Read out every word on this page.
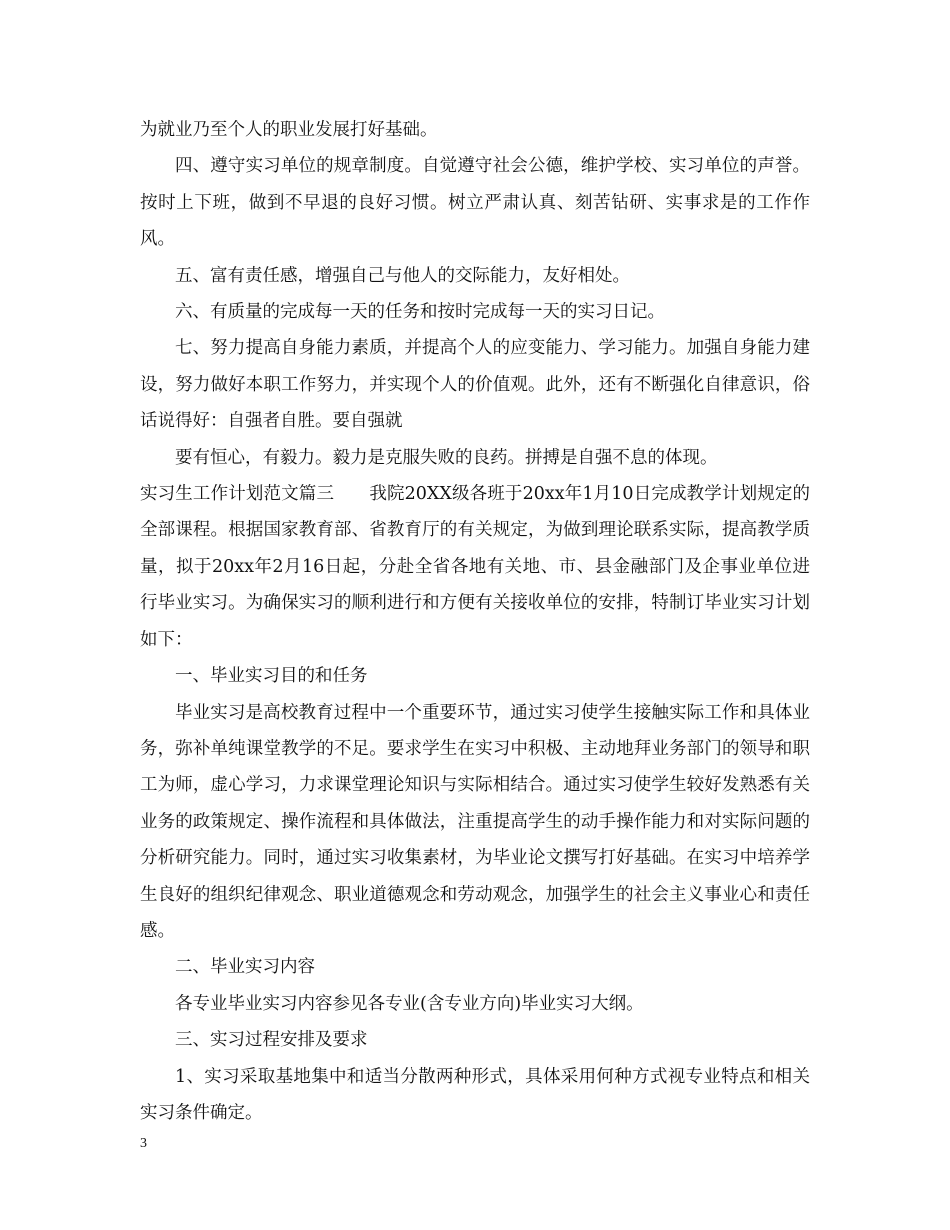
为就业乃至个人的职业发展打好基础。

四、遵守实习单位的规章制度。自觉遵守社会公德，维护学校、实习单位的声誉。按时上下班，做到不早退的良好习惯。树立严肃认真、刻苦钻研、实事求是的工作作风。

五、富有责任感，增强自己与他人的交际能力，友好相处。

六、有质量的完成每一天的任务和按时完成每一天的实习日记。

七、努力提高自身能力素质，并提高个人的应变能力、学习能力。加强自身能力建设，努力做好本职工作努力，并实现个人的价值观。此外，还有不断强化自律意识，俗话说得好：自强者自胜。要自强就

要有恒心，有毅力。毅力是克服失败的良药。拼搏是自强不息的体现。

实习生工作计划范文篇三　　我院20XX级各班于20xx年1月10日完成教学计划规定的全部课程。根据国家教育部、省教育厅的有关规定，为做到理论联系实际，提高教学质量，拟于20xx年2月16日起，分赴全省各地有关地、市、县金融部门及企事业单位进行毕业实习。为确保实习的顺利进行和方便有关接收单位的安排，特制订毕业实习计划如下：

一、毕业实习目的和任务

毕业实习是高校教育过程中一个重要环节，通过实习使学生接触实际工作和具体业务，弥补单纯课堂教学的不足。要求学生在实习中积极、主动地拜业务部门的领导和职工为师，虚心学习，力求课堂理论知识与实际相结合。通过实习使学生较好发熟悉有关业务的政策规定、操作流程和具体做法，注重提高学生的动手操作能力和对实际问题的分析研究能力。同时，通过实习收集素材，为毕业论文撰写打好基础。在实习中培养学生良好的组织纪律观念、职业道德观念和劳动观念，加强学生的社会主义事业心和责任感。

二、毕业实习内容

各专业毕业实习内容参见各专业(含专业方向)毕业实习大纲。

三、实习过程安排及要求

1、实习采取基地集中和适当分散两种形式，具体采用何种方式视专业特点和相关实习条件确定。

3
